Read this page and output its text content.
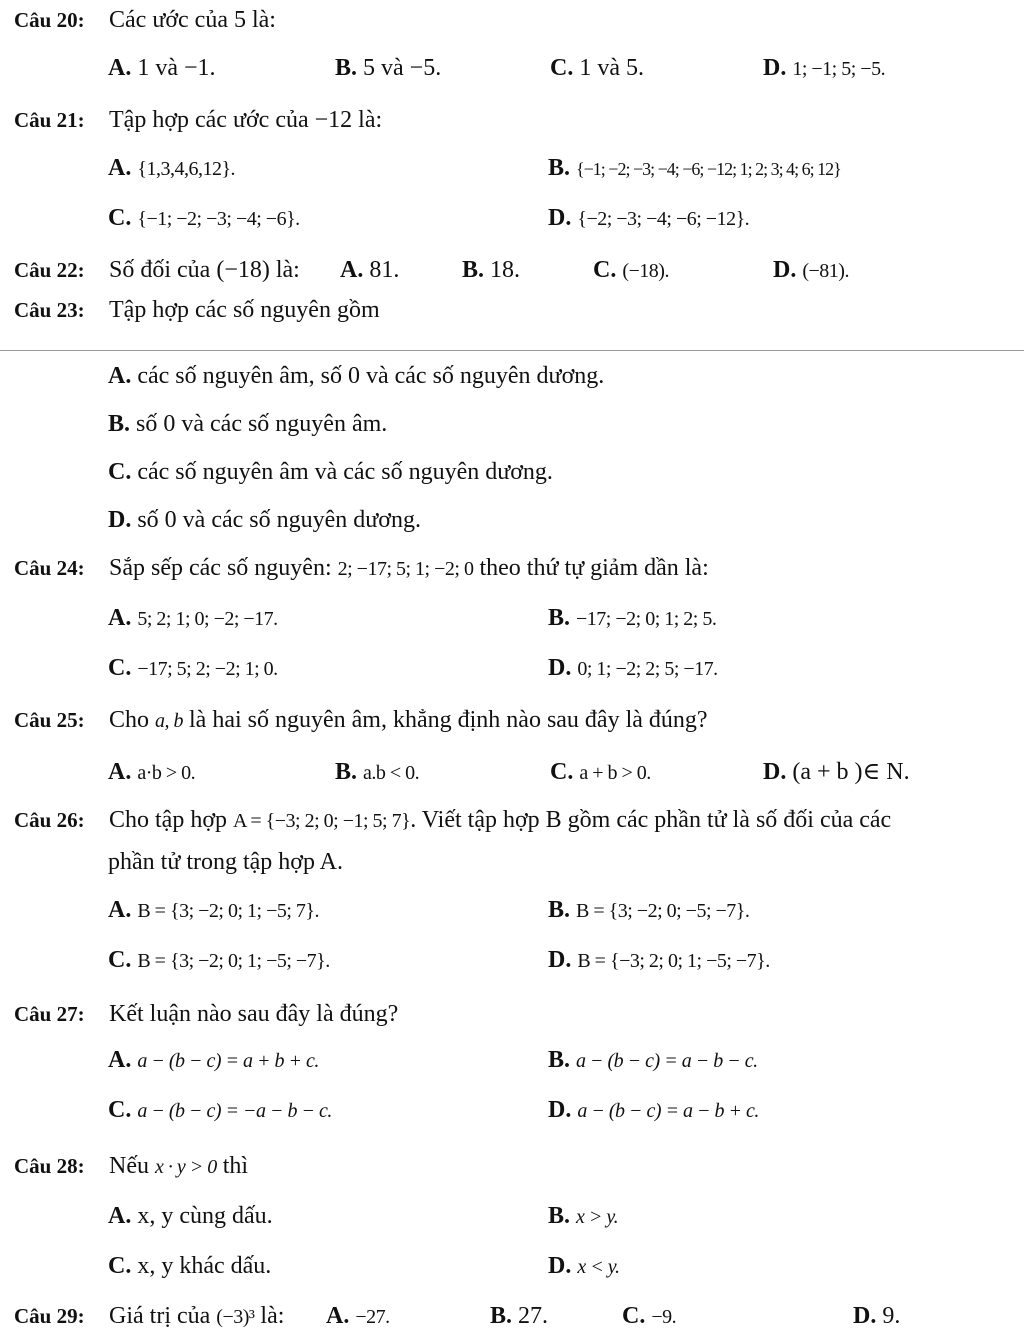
Câu 20: Các ước của 5 là:
A. 1 và −1.	B. 5 và −5.	C. 1 và 5.	D. 1; −1; 5; −5.
Câu 21: Tập hợp các ước của −12 là:
A. {1,3,4,6,12}.	B. {−1; −2; −3; −4; −6; −12; 1; 2; 3; 4; 6; 12}
C. {−1; −2; −3; −4; −6}.	D. {−2; −3; −4; −6; −12}.
Câu 22: Số đối của (−18) là: A. 81.	B. 18.	C. (−18).	D. (−81).
Câu 23: Tập hợp các số nguyên gồm
A. các số nguyên âm, số 0 và các số nguyên dương.
B. số 0 và các số nguyên âm.
C. các số nguyên âm và các số nguyên dương.
D. số 0 và các số nguyên dương.
Câu 24: Sắp sếp các số nguyên: 2; −17; 5; 1; −2; 0 theo thứ tự giảm dần là:
A. 5; 2; 1; 0; −2; −17.	B. −17; −2; 0; 1; 2; 5.
C. −17; 5; 2; −2; 1; 0.	D. 0; 1; −2; 2; 5; −17.
Câu 25: Cho a, b là hai số nguyên âm, khẳng định nào sau đây là đúng?
A. a·b > 0.	B. a.b < 0.	C. a + b > 0.	D. (a + b )∈ N.
Câu 26: Cho tập hợp A = {−3; 2; 0; −1; 5; 7}. Viết tập hợp B gồm các phần tử là số đối của các
phần tử trong tập hợp A.
A. B = {3; −2; 0; 1; −5; 7}.	B. B = {3; −2; 0; −5; −7}.
C. B = {3; −2; 0; 1; −5; −7}.	D. B = {−3; 2; 0; 1; −5; −7}.
Câu 27: Kết luận nào sau đây là đúng?
A. a − (b − c) = a + b + c.	B. a − (b − c) = a − b − c.
C. a − (b − c) = −a − b − c.	D. a − (b − c) = a − b + c.
Câu 28: Nếu x · y > 0 thì
A. x, y cùng dấu.	B. x > y.
C. x, y khác dấu.	D. x < y.
Câu 29: Giá trị của (−3)³ là: A. −27.	B. 27.	C. −9.	D. 9.
